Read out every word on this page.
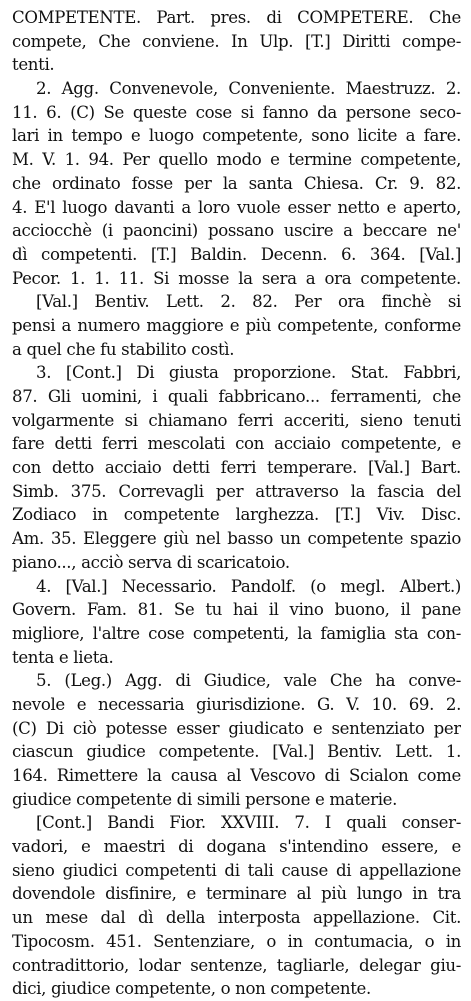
COMPETENTE. Part. pres. di COMPETERE. Che
compete, Che conviene. In Ulp. [T.] Diritti compe-
tenti.
2. Agg. Convenevole, Conveniente. Maestruzz. 2.
11. 6. (C) Se queste cose si fanno da persone seco-
lari in tempo e luogo competente, sono licite a fare.
M. V. 1. 94. Per quello modo e termine competente,
che ordinato fosse per la santa Chiesa. Cr. 9. 82.
4. E'l luogo davanti a loro vuole esser netto e aperto,
acciocchè (i paoncini) possano uscire a beccare ne'
dì competenti. [T.] Baldin. Decenn. 6. 364. [Val.]
Pecor. 1. 1. 11. Si mosse la sera a ora competente.
[Val.] Bentiv. Lett. 2. 82. Per ora finchè si
pensi a numero maggiore e più competente, conforme
a quel che fu stabilito costì.
3. [Cont.] Di giusta proporzione. Stat. Fabbri,
87. Gli uomini, i quali fabbricano... ferramenti, che
volgarmente si chiamano ferri acceriti, sieno tenuti
fare detti ferri mescolati con acciaio competente, e
con detto acciaio detti ferri temperare. [Val.] Bart.
Simb. 375. Correvagli per attraverso la fascia del
Zodiaco in competente larghezza. [T.] Viv. Disc.
Am. 35. Eleggere giù nel basso un competente spazio
piano..., acciò serva di scaricatoio.
4. [Val.] Necessario. Pandolf. (o megl. Albert.)
Govern. Fam. 81. Se tu hai il vino buono, il pane
migliore, l'altre cose competenti, la famiglia sta con-
tenta e lieta.
5. (Leg.) Agg. di Giudice, vale Che ha conve-
nevole e necessaria giurisdizione. G. V. 10. 69. 2.
(C) Di ciò potesse esser giudicato e sentenziato per
ciascun giudice competente. [Val.] Bentiv. Lett. 1.
164. Rimettere la causa al Vescovo di Scialon come
giudice competente di simili persone e materie.
[Cont.] Bandi Fior. XXVIII. 7. I quali conser-
vadori, e maestri di dogana s'intendino essere, e
sieno giudici competenti di tali cause di appellazione
dovendole disfinire, e terminare al più lungo in tra
un mese dal dì della interposta appellazione. Cit.
Tipocosm. 451. Sentenziare, o in contumacia, o in
contradittorio, lodar sentenze, tagliarle, delegar giu-
dici, giudice competente, o non competente.
